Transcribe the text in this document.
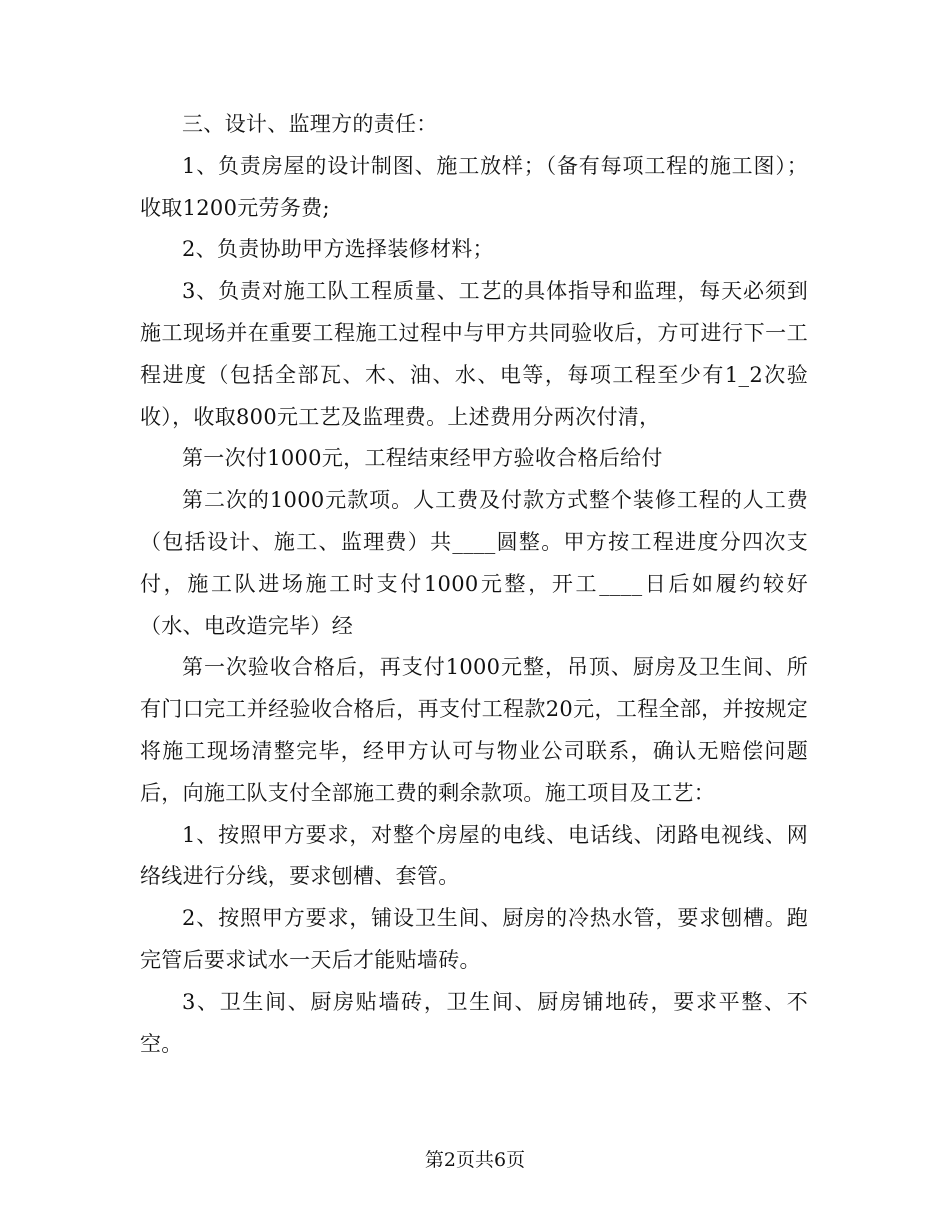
三、设计、监理方的责任：

1、负责房屋的设计制图、施工放样；（备有每项工程的施工图）；收取1200元劳务费;

2、负责协助甲方选择装修材料；

3、负责对施工队工程质量、工艺的具体指导和监理，每天必须到施工现场并在重要工程施工过程中与甲方共同验收后，方可进行下一工程进度（包括全部瓦、木、油、水、电等，每项工程至少有1_2次验收），收取800元工艺及监理费。上述费用分两次付清，

第一次付1000元，工程结束经甲方验收合格后给付

第二次的1000元款项。人工费及付款方式整个装修工程的人工费（包括设计、施工、监理费）共____圆整。甲方按工程进度分四次支付，施工队进场施工时支付1000元整，开工____日后如履约较好（水、电改造完毕）经

第一次验收合格后，再支付1000元整，吊顶、厨房及卫生间、所有门口完工并经验收合格后，再支付工程款20元，工程全部，并按规定将施工现场清整完毕，经甲方认可与物业公司联系，确认无赔偿问题后，向施工队支付全部施工费的剩余款项。施工项目及工艺：

1、按照甲方要求，对整个房屋的电线、电话线、闭路电视线、网络线进行分线，要求刨槽、套管。

2、按照甲方要求，铺设卫生间、厨房的冷热水管，要求刨槽。跑完管后要求试水一天后才能贴墙砖。

3、卫生间、厨房贴墙砖，卫生间、厨房铺地砖，要求平整、不空。

第2页共6页
